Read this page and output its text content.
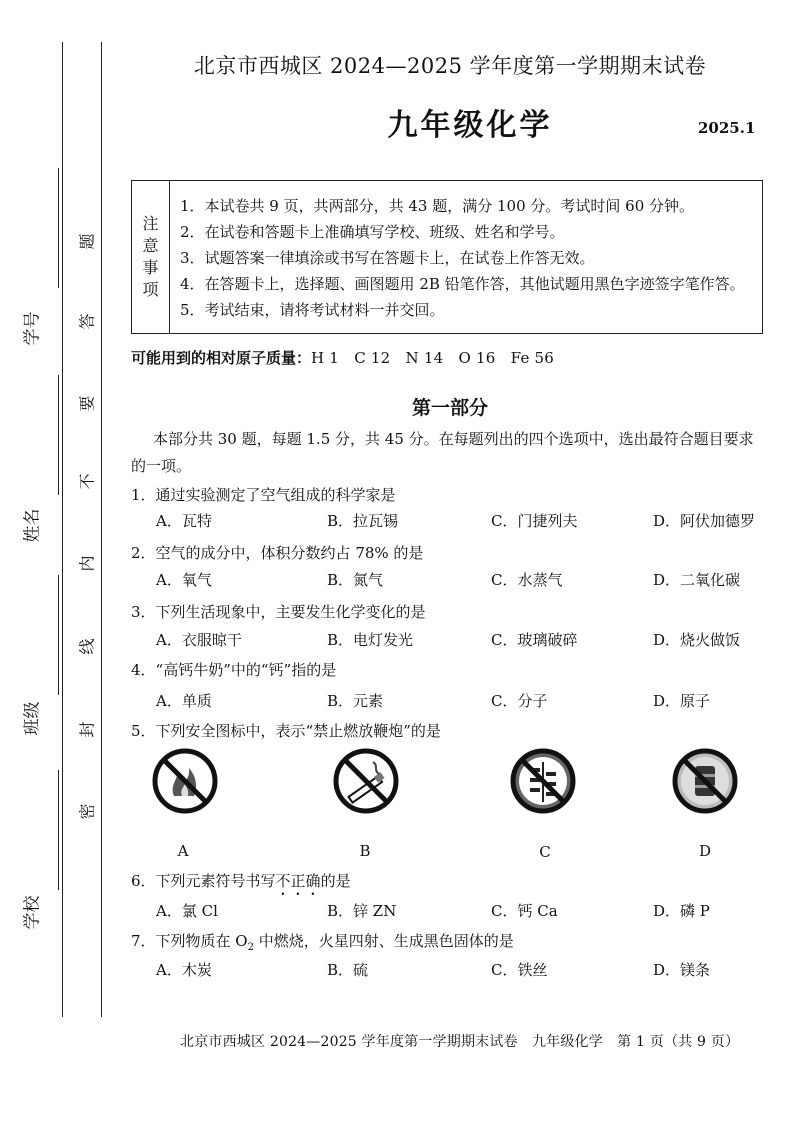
学号
姓名
班级
学校
题
答
要
不
内
线
封
密
北京市西城区 2024—2025 学年度第一学期期末试卷
九年级化学	2025.1
注
意
事
项
1．本试卷共 9 页，共两部分，共 43 题，满分 100 分。考试时间 60 分钟。
2．在试卷和答题卡上准确填写学校、班级、姓名和学号。
3．试题答案一律填涂或书写在答题卡上，在试卷上作答无效。
4．在答题卡上，选择题、画图题用 2B 铅笔作答，其他试题用黑色字迹签字笔作答。
5．考试结束，请将考试材料一并交回。
可能用到的相对原子质量：H 1　C 12　N 14　O 16　Fe 56
第一部分
本部分共 30 题，每题 1.5 分，共 45 分。在每题列出的四个选项中，选出最符合题目要求的一项。
1．通过实验测定了空气组成的科学家是
A．瓦特	B．拉瓦锡	C．门捷列夫	D．阿伏加德罗
2．空气的成分中，体积分数约占 78% 的是
A．氧气	B．氮气	C．水蒸气	D．二氧化碳
3．下列生活现象中，主要发生化学变化的是
A．衣服晾干	B．电灯发光	C．玻璃破碎	D．烧火做饭
4．“高钙牛奶”中的“钙”指的是
A．单质	B．元素	C．分子	D．原子
5．下列安全图标中，表示“禁止燃放鞭炮”的是
A	B	C	D
6．下列元素符号书写不正确的是
A．氯 Cl	B．锌 ZN	C．钙 Ca	D．磷 P
7．下列物质在 $O_2$ 中燃烧，火星四射、生成黑色固体的是
A．木炭	B．硫	C．铁丝	D．镁条
北京市西城区 2024—2025 学年度第一学期期末试卷　九年级化学　第 1 页（共 9 页）
